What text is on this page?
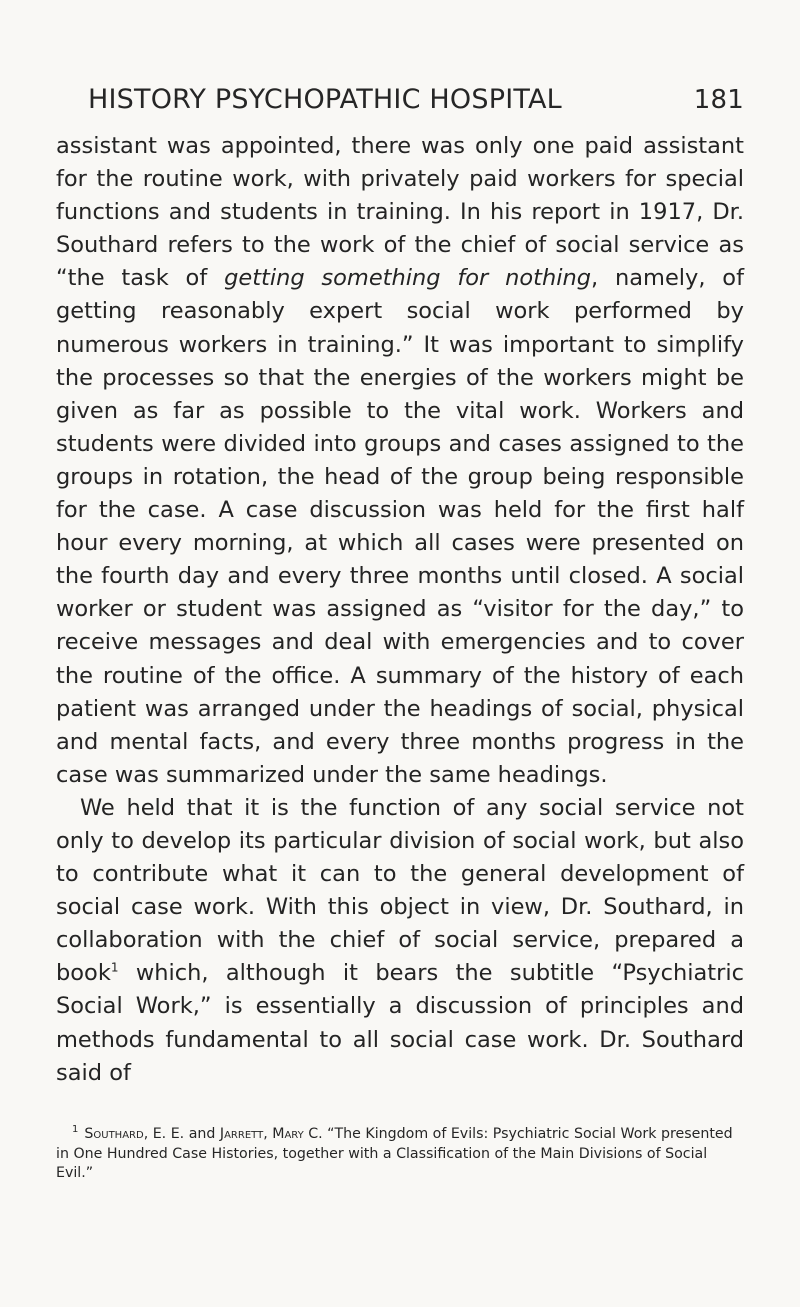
HISTORY PSYCHOPATHIC HOSPITAL	181

assistant was appointed, there was only one paid assistant for the routine work, with privately paid workers for special functions and students in training. In his report in 1917, Dr. Southard refers to the work of the chief of social service as “the task of getting something for nothing, namely, of getting reasonably expert social work performed by numerous workers in training.” It was important to simplify the processes so that the energies of the workers might be given as far as possible to the vital work. Workers and students were divided into groups and cases assigned to the groups in rotation, the head of the group being responsible for the case. A case discussion was held for the first half hour every morning, at which all cases were presented on the fourth day and every three months until closed. A social worker or student was assigned as “visitor for the day,” to receive messages and deal with emergencies and to cover the routine of the office. A summary of the history of each patient was arranged under the headings of social, physical and mental facts, and every three months progress in the case was summarized under the same headings.

We held that it is the function of any social service not only to develop its particular division of social work, but also to contribute what it can to the general development of social case work. With this object in view, Dr. Southard, in collaboration with the chief of social service, prepared a book$^1$ which, although it bears the subtitle “Psychiatric Social Work,” is essentially a discussion of principles and methods fundamental to all social case work. Dr. Southard said of

$^1$ Southard, E. E. and Jarrett, Mary C. “The Kingdom of Evils: Psychiatric Social Work presented in One Hundred Case Histories, together with a Classification of the Main Divisions of Social Evil.”
